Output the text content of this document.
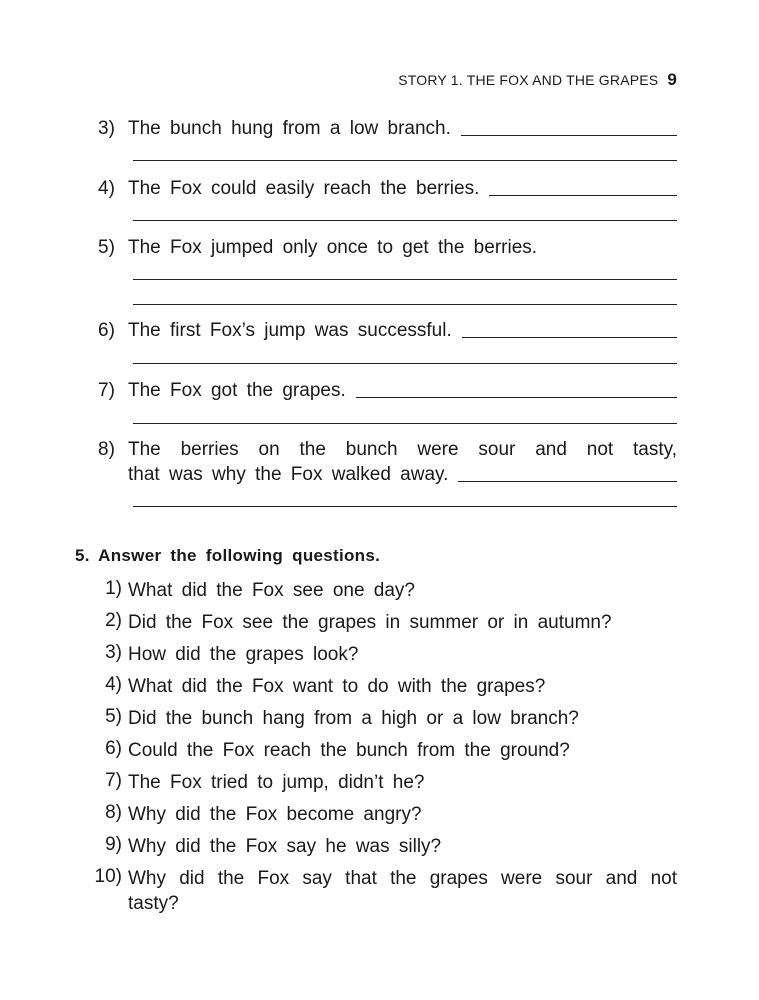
STORY 1. THE FOX AND THE GRAPES 9
3) The bunch hung from a low branch.
4) The Fox could easily reach the berries.
5) The Fox jumped only once to get the berries.
6) The first Fox’s jump was successful.
7) The Fox got the grapes.
8) The berries on the bunch were sour and not tasty,
that was why the Fox walked away.
5. Answer the following questions.
1) What did the Fox see one day?
2) Did the Fox see the grapes in summer or in autumn?
3) How did the grapes look?
4) What did the Fox want to do with the grapes?
5) Did the bunch hang from a high or a low branch?
6) Could the Fox reach the bunch from the ground?
7) The Fox tried to jump, didn’t he?
8) Why did the Fox become angry?
9) Why did the Fox say he was silly?
10) Why did the Fox say that the grapes were sour and not tasty?
